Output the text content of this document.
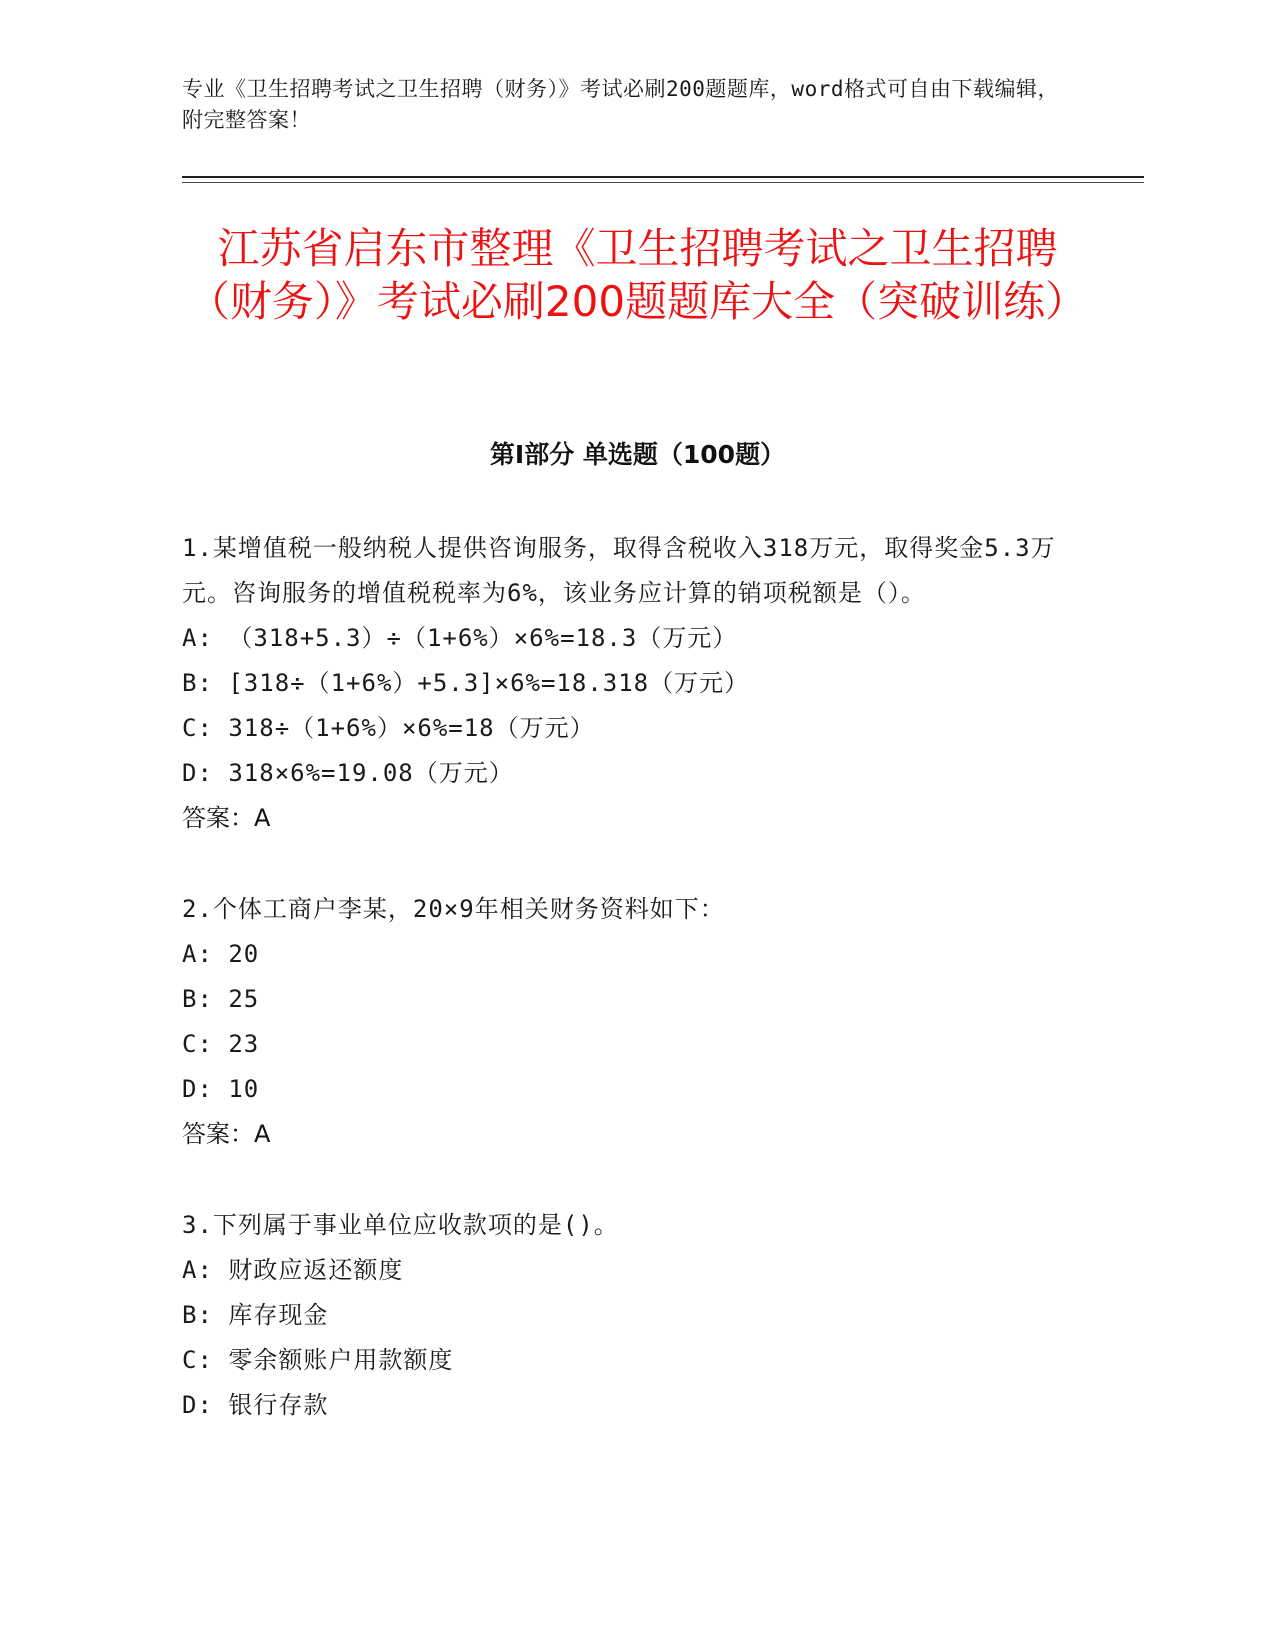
专业《卫生招聘考试之卫生招聘（财务）》考试必刷200题题库，word格式可自由下载编辑，附完整答案！
江苏省启东市整理《卫生招聘考试之卫生招聘（财务）》考试必刷200题题库大全（突破训练）
第I部分 单选题（100题）

1.某增值税一般纳税人提供咨询服务，取得含税收入318万元，取得奖金5.3万元。咨询服务的增值税税率为6%，该业务应计算的销项税额是（）。

A: （318+5.3）÷（1+6%）×6%=18.3（万元）

B: [318÷（1+6%）+5.3]×6%=18.318（万元）

C: 318÷（1+6%）×6%=18（万元）

D: 318×6%=19.08（万元）

答案：A

2.个体工商户李某，20×9年相关财务资料如下：

A: 20

B: 25

C: 23

D: 10

答案：A

3.下列属于事业单位应收款项的是()。

A: 财政应返还额度

B: 库存现金

C: 零余额账户用款额度

D: 银行存款
